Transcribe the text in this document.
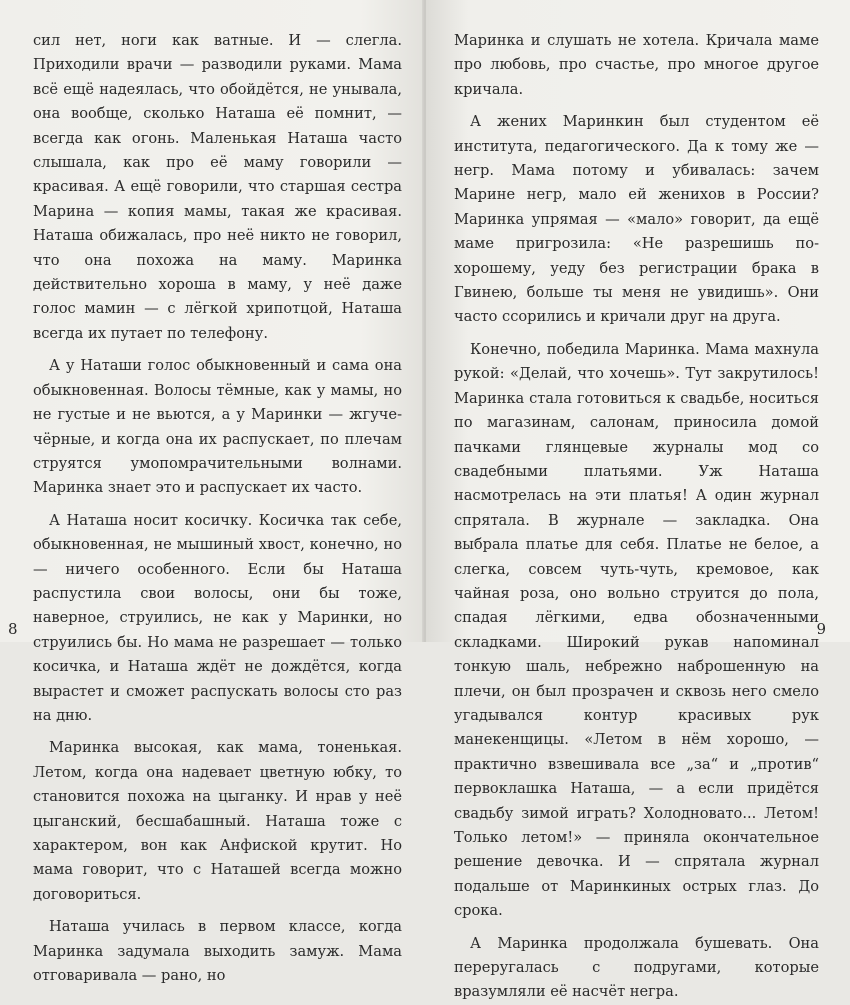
сил нет, ноги как ватные. И — слегла. Приходили врачи — разводили руками. Мама всё ещё надеялась, что обойдётся, не унывала, она вообще, сколько Наташа её помнит, — всегда как огонь. Маленькая Наташа часто слышала, как про её маму говорили — красивая. А ещё говорили, что старшая сестра Марина — копия мамы, такая же красивая. Наташа обижалась, про неё никто не говорил, что она похожа на маму. Маринка действительно хороша в маму, у неё даже голос мамин — с лёгкой хрипотцой, Наташа всегда их путает по телефону.

А у Наташи голос обыкновенный и сама она обыкновенная. Волосы тёмные, как у мамы, но не густые и не вьются, а у Маринки — жгуче-чёрные, и когда она их распускает, по плечам струятся умопомрачительными волнами. Маринка знает это и распускает их часто.

А Наташа носит косичку. Косичка так себе, обыкновенная, не мышиный хвост, конечно, но — ничего особенного. Если бы Наташа распустила свои волосы, они бы тоже, наверное, струились, не как у Маринки, но струились бы. Но мама не разрешает — только косичка, и Наташа ждёт не дождётся, когда вырастет и сможет распускать волосы сто раз на дню.

Маринка высокая, как мама, тоненькая. Летом, когда она надевает цветную юбку, то становится похожа на цыганку. И нрав у неё цыганский, бесшабашный. Наташа тоже с характером, вон как Анфиской крутит. Но мама говорит, что с Наташей всегда можно договориться.

Наташа училась в первом классе, когда Маринка задумала выходить замуж. Мама отговаривала — рано, но

8

Маринка и слушать не хотела. Кричала маме про любовь, про счастье, про многое другое кричала.

А жених Маринкин был студентом её института, педагогического. Да к тому же — негр. Мама потому и убивалась: зачем Марине негр, мало ей женихов в России? Маринка упрямая — «мало» говорит, да ещё маме пригрозила: «Не разрешишь по-хорошему, уеду без регистрации брака в Гвинею, больше ты меня не увидишь». Они часто ссорились и кричали друг на друга.

Конечно, победила Маринка. Мама махнула рукой: «Делай, что хочешь». Тут закрутилось! Маринка стала готовиться к свадьбе, носиться по магазинам, салонам, приносила домой пачками глянцевые журналы мод со свадебными платьями. Уж Наташа насмотрелась на эти платья! А один журнал спрятала. В журнале — закладка. Она выбрала платье для себя. Платье не белое, а слегка, совсем чуть-чуть, кремовое, как чайная роза, оно вольно струится до пола, спадая лёгкими, едва обозначенными складками. Широкий рукав напоминал тонкую шаль, небрежно наброшенную на плечи, он был прозрачен и сквозь него смело угадывался контур красивых рук манекенщицы. «Летом в нём хорошо, — практично взвешивала все „за“ и „против“ первоклашка Наташа, — а если придётся свадьбу зимой играть? Холодновато... Летом! Только летом!» — приняла окончательное решение девочка. И — спрятала журнал подальше от Маринкиных острых глаз. До срока.

А Маринка продолжала бушевать. Она переругалась с подругами, которые вразумляли её насчёт негра.

9
